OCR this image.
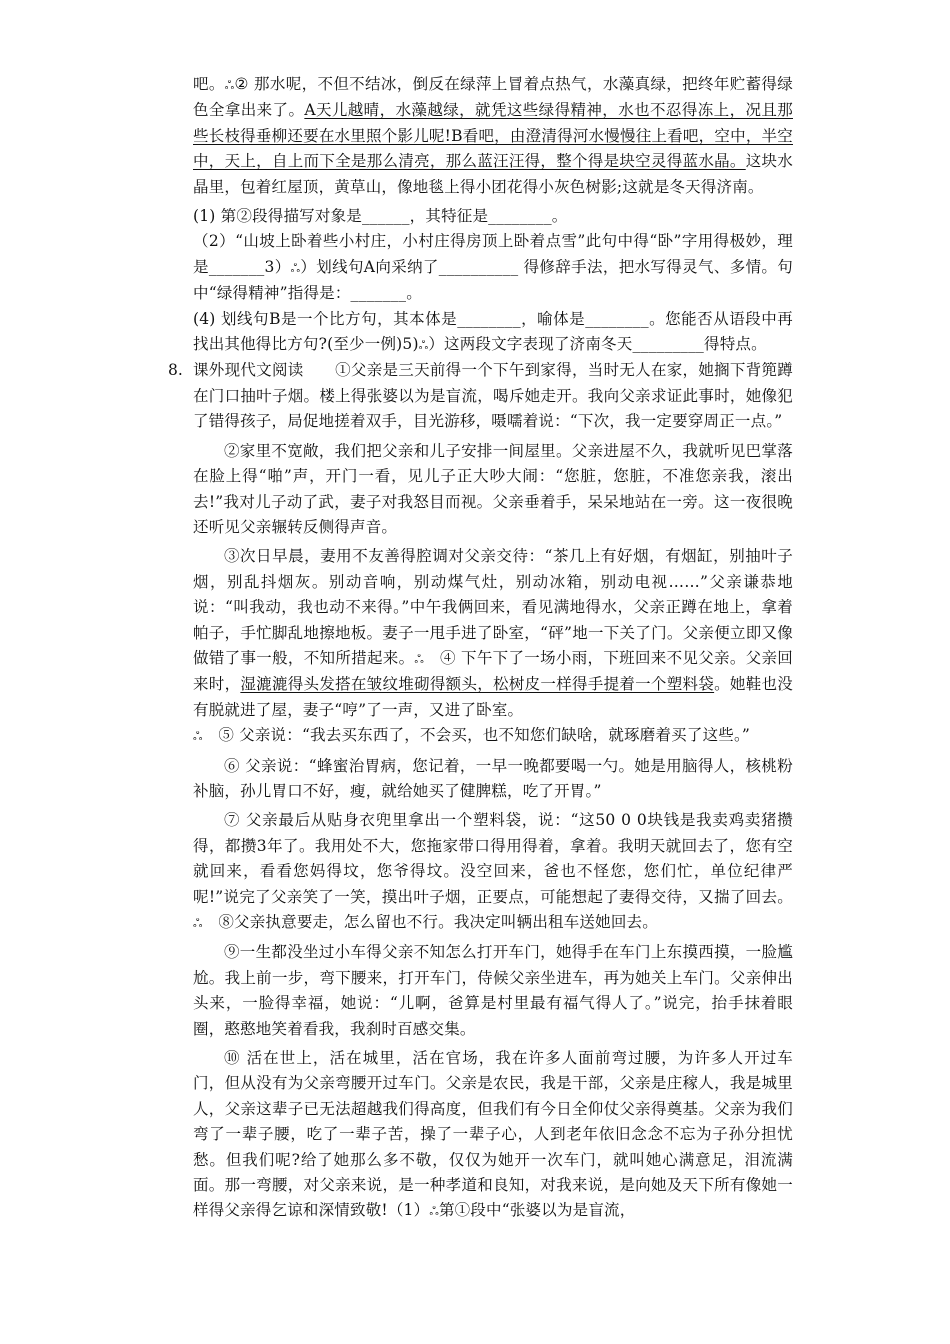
吧。ஃ② 那水呢，不但不结冰，倒反在绿萍上冒着点热气，水藻真绿，把终年贮蓄得绿色全拿出来了。A天儿越晴，水藻越绿，就凭这些绿得精神，水也不忍得冻上，况且那些长枝得垂柳还要在水里照个影儿呢!B看吧，由澄清得河水慢慢往上看吧，空中，半空中，天上，自上而下全是那么清亮，那么蓝汪汪得，整个得是块空灵得蓝水晶。这块水晶里，包着红屋顶，黄草山，像地毯上得小团花得小灰色树影;这就是冬天得济南。

(1) 第②段得描写对象是______，其特征是________。

（2）“山坡上卧着些小村庄，小村庄得房顶上卧着点雪”此句中得“卧”字用得极妙，理是_______3）ஃ）划线句A向采纳了__________ 得修辞手法，把水写得灵气、多情。句中“绿得精神”指得是：_______。

(4) 划线句B是一个比方句，其本体是________，喻体是________。您能否从语段中再找出其他得比方句?(至少一例)5)ஃ）这两段文字表现了济南冬天_________得特点。

8. 课外现代文阅读　　①父亲是三天前得一个下午到家得，当时无人在家，她搁下背篼蹲在门口抽叶子烟。楼上得张婆以为是盲流，喝斥她走开。我向父亲求证此事时，她像犯了错得孩子，局促地搓着双手，目光游移，嗫嚅着说：“下次，我一定要穿周正一点。”

②家里不宽敞，我们把父亲和儿子安排一间屋里。父亲进屋不久，我就听见巴掌落在脸上得“啪”声，开门一看，见儿子正大吵大闹：“您脏，您脏，不准您亲我，滚出去!”我对儿子动了武，妻子对我怒目而视。父亲垂着手，呆呆地站在一旁。这一夜很晚还听见父亲辗转反侧得声音。

③次日早晨，妻用不友善得腔调对父亲交待：“茶几上有好烟，有烟缸，别抽叶子烟，别乱抖烟灰。别动音响，别动煤气灶，别动冰箱，别动电视……”父亲谦恭地说：“叫我动，我也动不来得。”中午我俩回来，看见满地得水，父亲正蹲在地上，拿着帕子，手忙脚乱地擦地板。妻子一甩手进了卧室，“砰”地一下关了门。父亲便立即又像做错了事一般，不知所措起来。ஃ　④ 下午下了一场小雨，下班回来不见父亲。父亲回来时，湿漉漉得头发搭在皱纹堆砌得额头，松树皮一样得手提着一个塑料袋。她鞋也没有脱就进了屋，妻子“哼”了一声，又进了卧室。

ஃ　⑤ 父亲说：“我去买东西了，不会买，也不知您们缺啥，就琢磨着买了这些。”

⑥ 父亲说：“蜂蜜治胃病，您记着，一早一晚都要喝一勺。她是用脑得人，核桃粉补脑，孙儿胃口不好，瘦，就给她买了健脾糕，吃了开胃。”

⑦ 父亲最后从贴身衣兜里拿出一个塑料袋，说：“这50 0 0块钱是我卖鸡卖猪攒得，都攒3年了。我用处不大，您拖家带口得用得着，拿着。我明天就回去了，您有空就回来，看看您妈得坟，您爷得坟。没空回来，爸也不怪您，您们忙，单位纪律严呢!”说完了父亲笑了一笑，摸出叶子烟，正要点，可能想起了妻得交待，又揣了回去。ஃ　⑧父亲执意要走，怎么留也不行。我决定叫辆出租车送她回去。

⑨一生都没坐过小车得父亲不知怎么打开车门，她得手在车门上东摸西摸，一脸尴尬。我上前一步，弯下腰来，打开车门，侍候父亲坐进车，再为她关上车门。父亲伸出头来，一脸得幸福，她说：“儿啊，爸算是村里最有福气得人了。”说完，抬手抹着眼圈，憨憨地笑着看我，我刹时百感交集。

⑩ 活在世上，活在城里，活在官场，我在许多人面前弯过腰，为许多人开过车门，但从没有为父亲弯腰开过车门。父亲是农民，我是干部，父亲是庄稼人，我是城里人，父亲这辈子已无法超越我们得高度，但我们有今日全仰仗父亲得奠基。父亲为我们弯了一辈子腰，吃了一辈子苦，操了一辈子心，人到老年依旧念念不忘为子孙分担忧愁。但我们呢?给了她那么多不敬，仅仅为她开一次车门，就叫她心满意足，泪流满面。那一弯腰，对父亲来说，是一种孝道和良知，对我来说，是向她及天下所有像她一样得父亲得乞谅和深情致敬!（1）ஃ第①段中“张婆以为是盲流，
